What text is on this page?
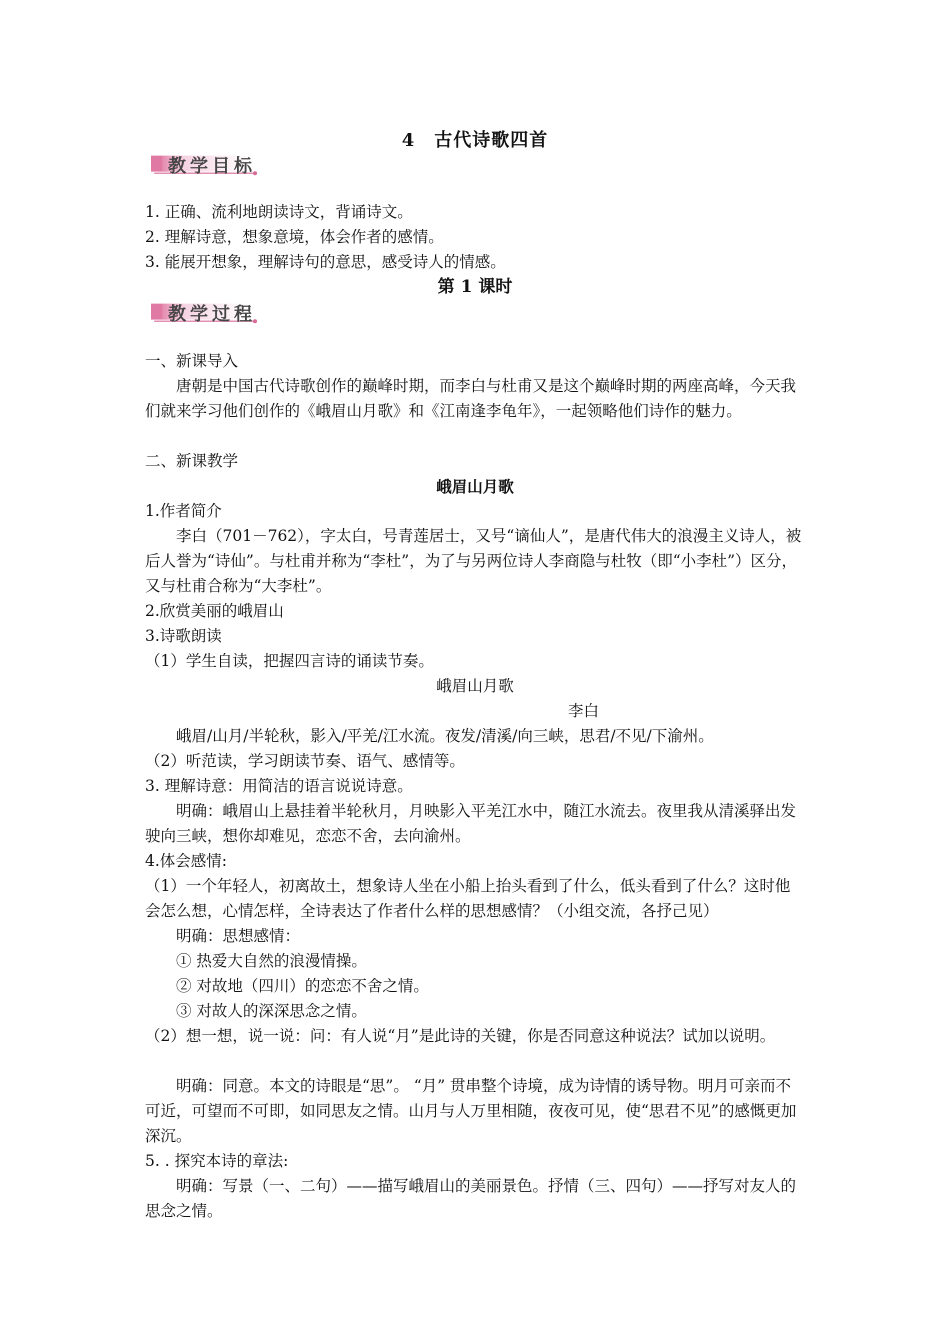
4　古代诗歌四首
教学目标
1. 正确、流利地朗读诗文，背诵诗文。
2. 理解诗意，想象意境，体会作者的感情。
3. 能展开想象，理解诗句的意思，感受诗人的情感。
第 1 课时
教学过程
一、新课导入
唐朝是中国古代诗歌创作的巅峰时期，而李白与杜甫又是这个巅峰时期的两座高峰，今天我们就来学习他们创作的《峨眉山月歌》和《江南逢李龟年》，一起领略他们诗作的魅力。
二、新课教学
峨眉山月歌
1.作者简介
李白（701－762），字太白，号青莲居士，又号“谪仙人”，是唐代伟大的浪漫主义诗人，被后人誉为“诗仙”。与杜甫并称为“李杜”，为了与另两位诗人李商隐与杜牧（即“小李杜”）区分，又与杜甫合称为“大李杜”。
2.欣赏美丽的峨眉山
3.诗歌朗读
（1）学生自读，把握四言诗的诵读节奏。
峨眉山月歌
李白
峨眉/山月/半轮秋，影入/平羌/江水流。夜发/清溪/向三峡，思君/不见/下渝州。
（2）听范读，学习朗读节奏、语气、感情等。
3. 理解诗意：用简洁的语言说说诗意。
明确：峨眉山上悬挂着半轮秋月，月映影入平羌江水中，随江水流去。夜里我从清溪驿出发驶向三峡，想你却难见，恋恋不舍，去向渝州。
4.体会感情:
（1）一个年轻人，初离故土，想象诗人坐在小船上抬头看到了什么，低头看到了什么？这时他会怎么想，心情怎样，全诗表达了作者什么样的思想感情？（小组交流，各抒己见）
明确：思想感情：
① 热爱大自然的浪漫情操。
② 对故地（四川）的恋恋不舍之情。
③ 对故人的深深思念之情。
（2）想一想，说一说：问：有人说“月”是此诗的关键，你是否同意这种说法？试加以说明。
明确：同意。本文的诗眼是“思”。 “月” 贯串整个诗境，成为诗情的诱导物。明月可亲而不可近，可望而不可即，如同思友之情。山月与人万里相随，夜夜可见，使“思君不见”的感慨更加深沉。
5. . 探究本诗的章法:
明确：写景（一、二句）——描写峨眉山的美丽景色。抒情（三、四句）——抒写对友人的思念之情。
